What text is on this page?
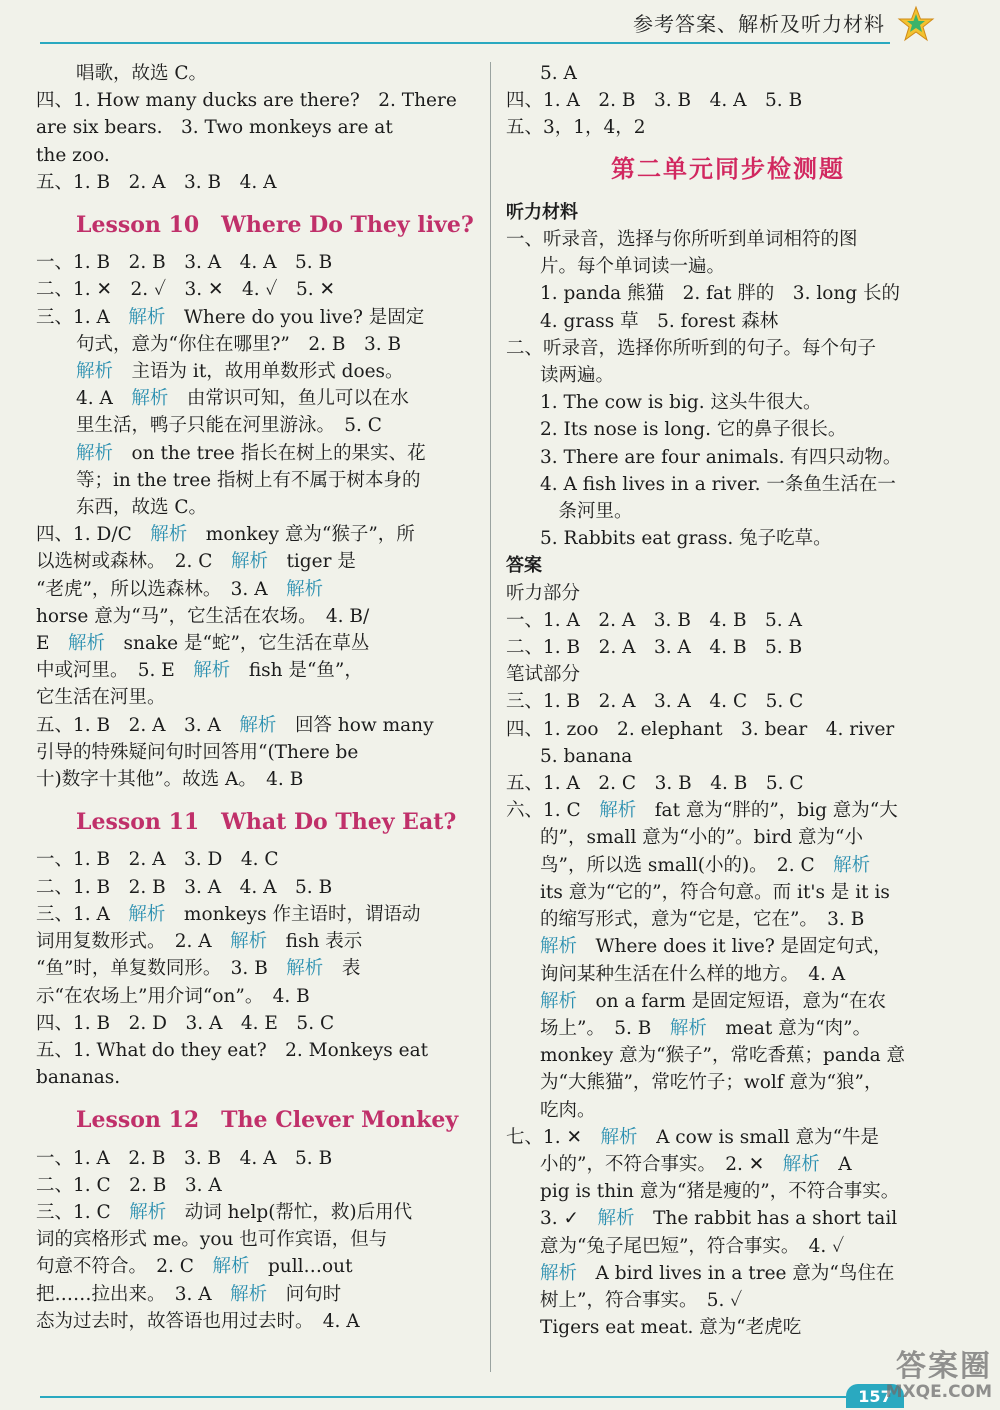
参考答案、解析及听力材料
唱歌，故选 C。
四、1. How many ducks are there?　2. There
are six bears.　3. Two monkeys are at
the zoo.
五、1. B　2. A　3. B　4. A
Lesson 10　Where Do They live?
一、1. B　2. B　3. A　4. A　5. B
二、1. ✕　2. ✓　3. ✕　4. ✓　5. ✕
三、1. A　解析　Where do you live? 是固定
句式，意为“你住在哪里?”　2. B　3. B
解析　主语为 it，故用单数形式 does。
4. A　解析　由常识可知，鱼儿可以在水
里生活，鸭子只能在河里游泳。　5. C
解析　on the tree 指长在树上的果实、花
等；in the tree 指树上有不属于树本身的
东西，故选 C。
四、1. D/C　解析　monkey 意为“猴子”，所
以选树或森林。　2. C　解析　tiger 是
“老虎”，所以选森林。　3. A　解析
horse 意为“马”，它生活在农场。　4. B/
E　解析　snake 是“蛇”，它生活在草丛
中或河里。　5. E　解析　fish 是“鱼”，
它生活在河里。
五、1. B　2. A　3. A　解析　回答 how many
引导的特殊疑问句时回答用“(There be
十)数字十其他”。故选 A。　4. B
Lesson 11　What Do They Eat?
一、1. B　2. A　3. D　4. C
二、1. B　2. B　3. A　4. A　5. B
三、1. A　解析　monkeys 作主语时，谓语动
词用复数形式。　2. A　解析　fish 表示
“鱼”时，单复数同形。　3. B　解析　表
示“在农场上”用介词“on”。　4. B
四、1. B　2. D　3. A　4. E　5. C
五、1. What do they eat?　2. Monkeys eat
bananas.
Lesson 12　The Clever Monkey
一、1. A　2. B　3. B　4. A　5. B
二、1. C　2. B　3. A
三、1. C　解析　动词 help(帮忙，救)后用代
词的宾格形式 me。you 也可作宾语，但与
句意不符合。　2. C　解析　pull…out
把……拉出来。　3. A　解析　问句时
态为过去时，故答语也用过去时。　4. A
5. A
四、1. A　2. B　3. B　4. A　5. B
五、3，1，4，2
第二单元同步检测题
听力材料
一、听录音，选择与你所听到单词相符的图
片。每个单词读一遍。
1. panda 熊猫　2. fat 胖的　3. long 长的
4. grass 草　5. forest 森林
二、听录音，选择你所听到的句子。每个句子
读两遍。
1. The cow is big. 这头牛很大。
2. Its nose is long. 它的鼻子很长。
3. There are four animals. 有四只动物。
4. A fish lives in a river. 一条鱼生活在一
　条河里。
5. Rabbits eat grass. 兔子吃草。
答案
听力部分
一、1. A　2. A　3. B　4. B　5. A
二、1. B　2. A　3. A　4. B　5. B
笔试部分
三、1. B　2. A　3. A　4. C　5. C
四、1. zoo　2. elephant　3. bear　4. river
5. banana
五、1. A　2. C　3. B　4. B　5. C
六、1. C　解析　fat 意为“胖的”，big 意为“大
的”，small 意为“小的”。bird 意为“小
鸟”，所以选 small(小的)。　2. C　解析
its 意为“它的”，符合句意。而 it's 是 it is
的缩写形式，意为“它是，它在”。　3. B
解析　Where does it live? 是固定句式，
询问某种生活在什么样的地方。　4. A
解析　on a farm 是固定短语，意为“在农
场上”。　5. B　解析　meat 意为“肉”。
monkey 意为“猴子”，常吃香蕉；panda 意
为“大熊猫”，常吃竹子；wolf 意为“狼”，
吃肉。
七、1. ✕　解析　A cow is small 意为“牛是
小的”，不符合事实。　2. ✕　解析　A
pig is thin 意为“猪是瘦的”，不符合事实。
3. ✓　解析　The rabbit has a short tail
意为“兔子尾巴短”，符合事实。　4. ✓
解析　A bird lives in a tree 意为“鸟住在
树上”，符合事实。　5. ✓
Tigers eat meat. 意为“老虎吃
157
答案圈
MXQE.COM
